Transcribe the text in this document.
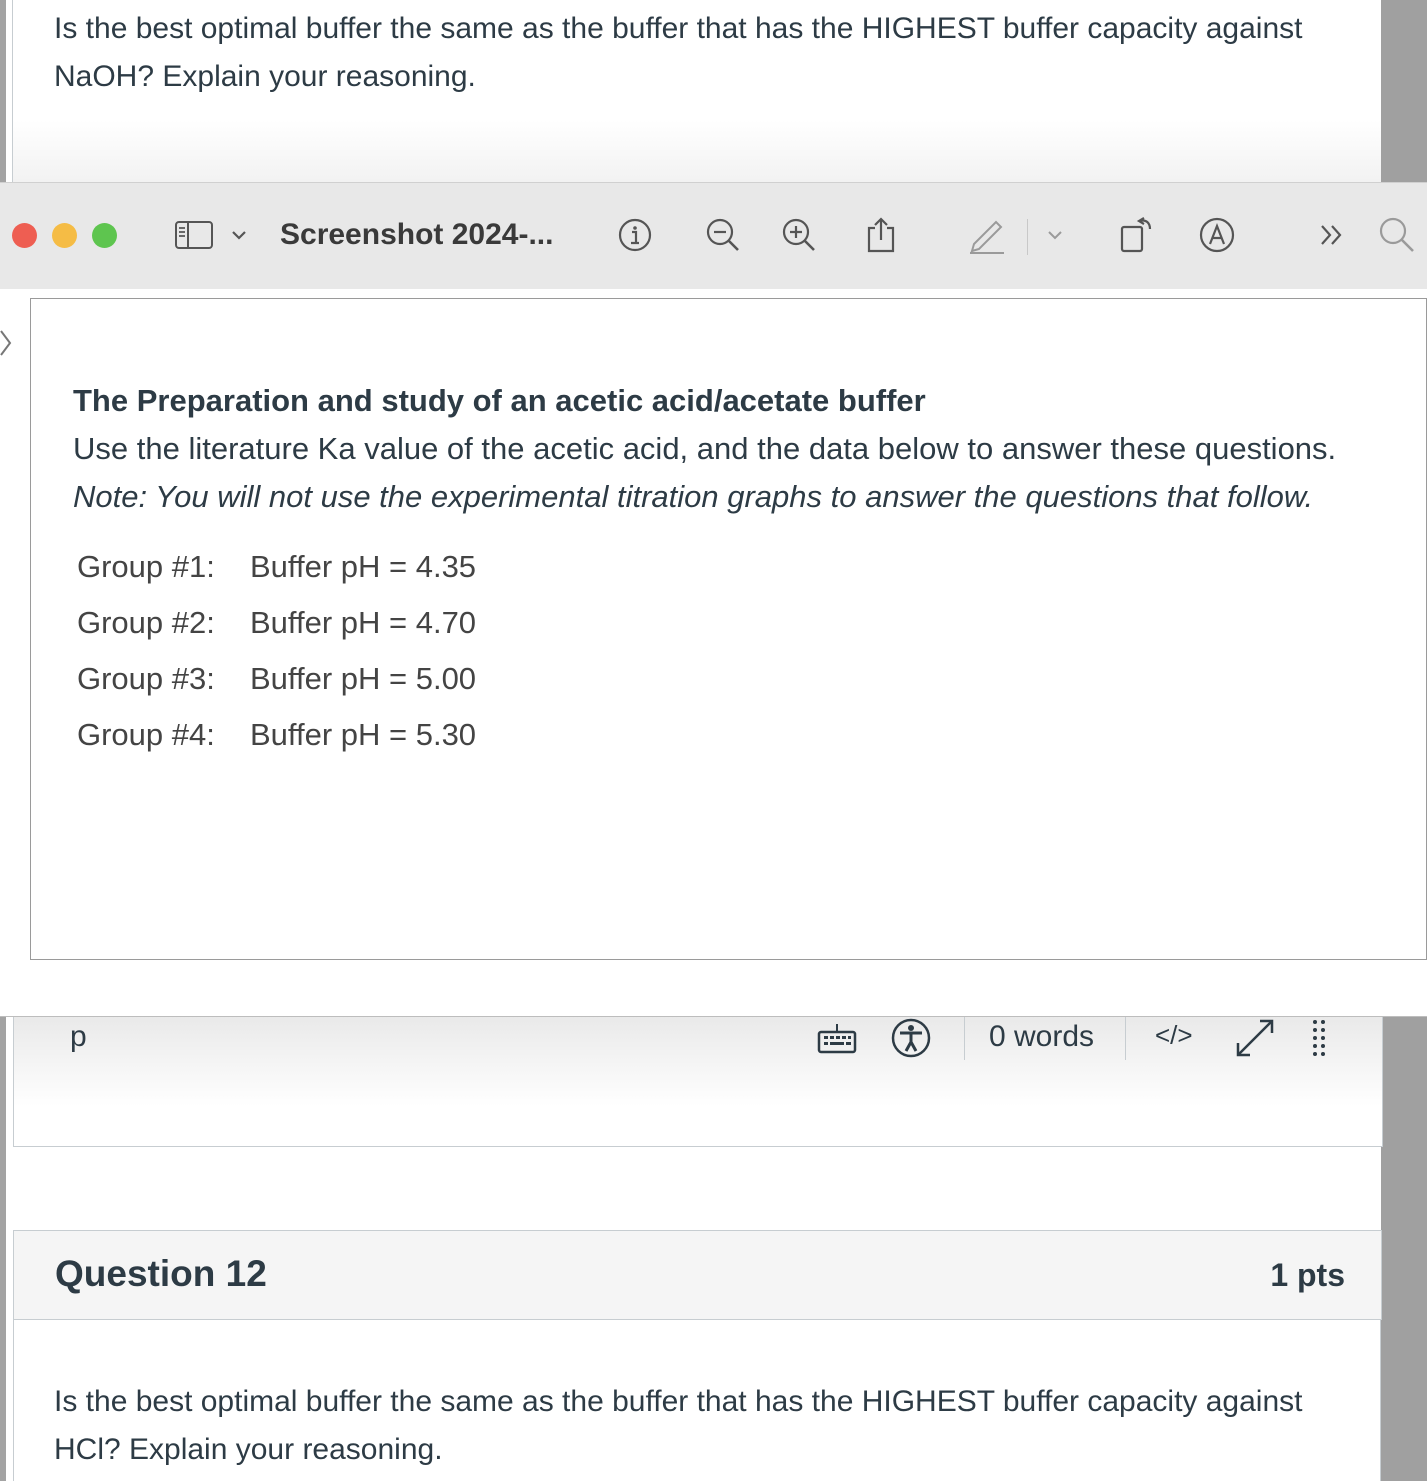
Is the best optimal buffer the same as the buffer that has the HIGHEST buffer capacity against NaOH? Explain your reasoning.
p	0 words </>
Question 12	1 pts
Is the best optimal buffer the same as the buffer that has the HIGHEST buffer capacity against HCl? Explain your reasoning.
Screenshot 2024-...
The Preparation and study of an acetic acid/acetate buffer
Use the literature Ka value of the acetic acid, and the data below to answer these questions.
Note: You will not use the experimental titration graphs to answer the questions that follow.
Group #1:	Buffer pH = 4.35
Group #2:	Buffer pH = 4.70
Group #3:	Buffer pH = 5.00
Group #4:	Buffer pH = 5.30
